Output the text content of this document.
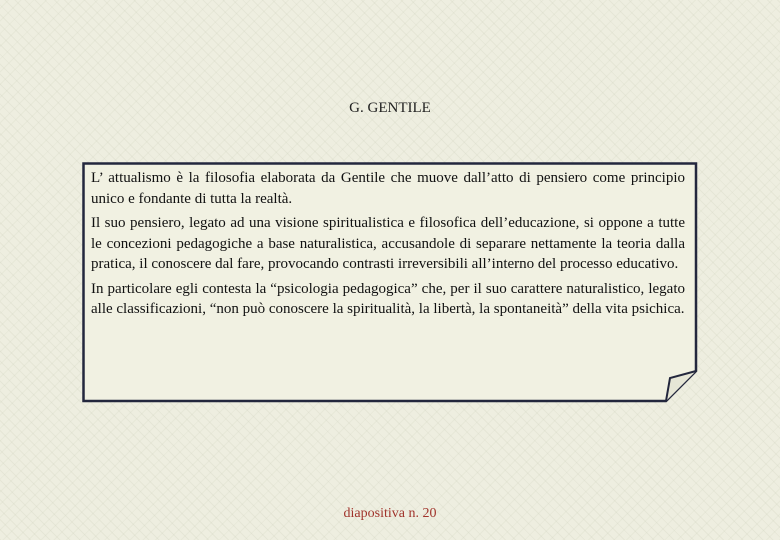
G. GENTILE

L’ attualismo è la filosofia elaborata da Gentile che muove dall’atto di pensiero come principio unico e fondante di tutta la realtà.

Il suo pensiero, legato ad una visione spiritualistica e filosofica dell’educazione, si oppone a tutte le concezioni pedagogiche a base naturalistica, accusandole di separare nettamente la teoria dalla pratica, il conoscere dal fare, provocando contrasti irreversibili all’interno del processo educativo.

In particolare egli contesta la “psicologia pedagogica” che, per il suo carattere naturalistico, legato alle classificazioni, “non può conoscere la spiritualità, la libertà, la spontaneità” della vita psichica.

diapositiva n. 20
